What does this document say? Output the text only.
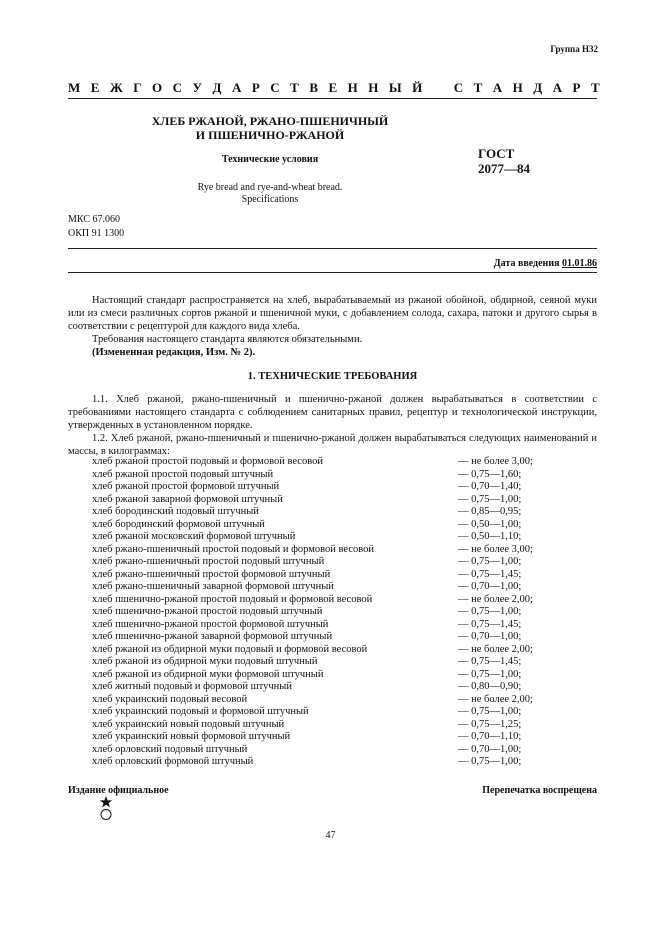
Группа Н32
М Е Ж Г О С У Д А Р С Т В Е Н Н Ы Й С Т А Н Д А Р Т
ХЛЕБ РЖАНОЙ, РЖАНО-ПШЕНИЧНЫЙ
И ПШЕНИЧНО-РЖАНОЙ
Технические условия	ГОСТ
2077—84
Rye bread and rye-and-wheat bread.
Specifications
МКС 67.060
ОКП 91 1300
Дата введения 01.01.86

Настоящий стандарт распространяется на хлеб, вырабатываемый из ржаной обойной, обдирной, сеяной муки или из смеси различных сортов ржаной и пшеничной муки, с добавлением солода, сахара, патоки и другого сырья в соответствии с рецептурой для каждого вида хлеба.

Требования настоящего стандарта являются обязательными.

(Измененная редакция, Изм. № 2).

1. ТЕХНИЧЕСКИЕ ТРЕБОВАНИЯ

1.1. Хлеб ржаной, ржано-пшеничный и пшенично-ржаной должен вырабатываться в соответствии с требованиями настоящего стандарта с соблюдением санитарных правил, рецептур и технологической инструкции, утвержденных в установленном порядке.

1.2. Хлеб ржаной, ржано-пшеничный и пшенично-ржаной должен вырабатываться следующих наименований и массы, в килограммах:

хлеб ржаной простой подовый и формовой весовой	— не более 3,00;
хлеб ржаной простой подовый штучный	— 0,75—1,60;
хлеб ржаной простой формовой штучный	— 0,70—1,40;
хлеб ржаной заварной формовой штучный	— 0,75—1,00;
хлеб бородинский подовый штучный	— 0,85—0,95;
хлеб бородинский формовой штучный	— 0,50—1,00;
хлеб ржаной московский формовой штучный	— 0,50—1,10;
хлеб ржано-пшеничный простой подовый и формовой весовой	— не более 3,00;
хлеб ржано-пшеничный простой подовый штучный	— 0,75—1,00;
хлеб ржано-пшеничный простой формовой штучный	— 0,75—1,45;
хлеб ржано-пшеничный заварной формовой штучный	— 0,70—1,00;
хлеб пшенично-ржаной простой подовый и формовой весовой	— не более 2,00;
хлеб пшенично-ржаной простой подовый штучный	— 0,75—1,00;
хлеб пшенично-ржаной простой формовой штучный	— 0,75—1,45;
хлеб пшенично-ржаной заварной формовой штучный	— 0,70—1,00;
хлеб ржаной из обдирной муки подовый и формовой весовой	— не более 2,00;
хлеб ржаной из обдирной муки подовый штучный	— 0,75—1,45;
хлеб ржаной из обдирной муки формовой штучный	— 0,75—1,00;
хлеб житный подовый и формовой штучный	— 0,80—0,90;
хлеб украинский подовый весовой	— не более 2,00;
хлеб украинский подовый и формовой штучный	— 0,75—1,00;
хлеб украинский новый подовый штучный	— 0,75—1,25;
хлеб украинский новый формовой штучный	— 0,70—1,10;
хлеб орловский подовый штучный	— 0,70—1,00;
хлеб орловский формовой штучный	— 0,75—1,00;
Издание официальное	Перепечатка воспрещена
47
